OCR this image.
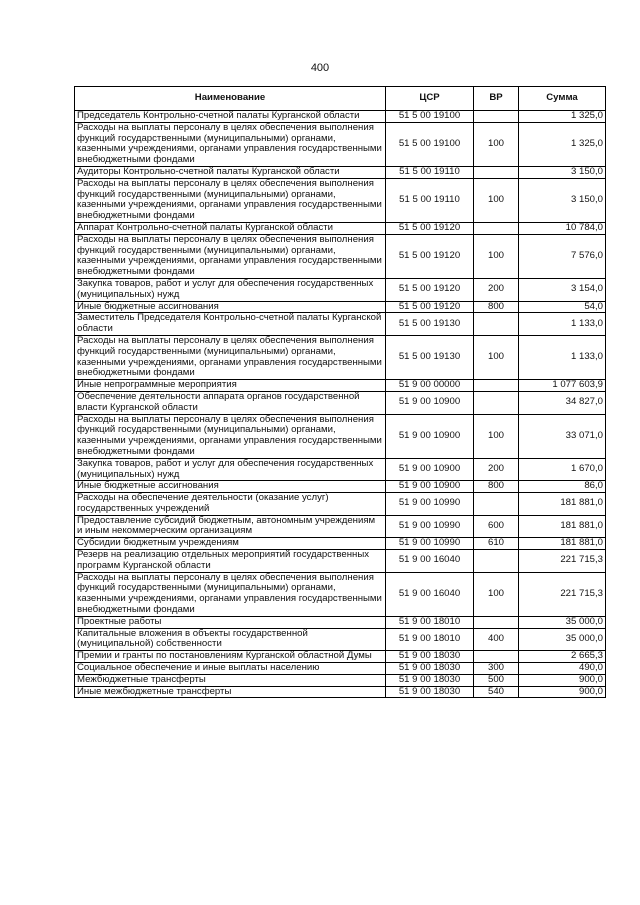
400
Наименование	ЦСР	ВР	Сумма
Председатель Контрольно-счетной палаты Курганской области	51 5 00 19100		1 325,0
Расходы на выплаты персоналу в целях обеспечения выполнения функций государственными (муниципальными) органами, казенными учреждениями, органами управления государственными внебюджетными фондами	51 5 00 19100	100	1 325,0
Аудиторы Контрольно-счетной палаты Курганской области	51 5 00 19110		3 150,0
Расходы на выплаты персоналу в целях обеспечения выполнения функций государственными (муниципальными) органами, казенными учреждениями, органами управления государственными внебюджетными фондами	51 5 00 19110	100	3 150,0
Аппарат Контрольно-счетной палаты Курганской области	51 5 00 19120		10 784,0
Расходы на выплаты персоналу в целях обеспечения выполнения функций государственными (муниципальными) органами, казенными учреждениями, органами управления государственными внебюджетными фондами	51 5 00 19120	100	7 576,0
Закупка товаров, работ и услуг для обеспечения государственных (муниципальных) нужд	51 5 00 19120	200	3 154,0
Иные бюджетные ассигнования	51 5 00 19120	800	54,0
Заместитель Председателя Контрольно-счетной палаты Курганской области	51 5 00 19130		1 133,0
Расходы на выплаты персоналу в целях обеспечения выполнения функций государственными (муниципальными) органами, казенными учреждениями, органами управления государственными внебюджетными фондами	51 5 00 19130	100	1 133,0
Иные непрограммные мероприятия	51 9 00 00000		1 077 603,9
Обеспечение деятельности аппарата органов государственной власти Курганской области	51 9 00 10900		34 827,0
Расходы на выплаты персоналу в целях обеспечения выполнения функций государственными (муниципальными) органами, казенными учреждениями, органами управления государственными внебюджетными фондами	51 9 00 10900	100	33 071,0
Закупка товаров, работ и услуг для обеспечения государственных (муниципальных) нужд	51 9 00 10900	200	1 670,0
Иные бюджетные ассигнования	51 9 00 10900	800	86,0
Расходы на обеспечение деятельности (оказание услуг) государственных учреждений	51 9 00 10990		181 881,0
Предоставление субсидий бюджетным, автономным учреждениям и иным некоммерческим организациям	51 9 00 10990	600	181 881,0
Субсидии бюджетным учреждениям	51 9 00 10990	610	181 881,0
Резерв на реализацию отдельных мероприятий государственных программ Курганской области	51 9 00 16040		221 715,3
Расходы на выплаты персоналу в целях обеспечения выполнения функций государственными (муниципальными) органами, казенными учреждениями, органами управления государственными внебюджетными фондами	51 9 00 16040	100	221 715,3
Проектные работы	51 9 00 18010		35 000,0
Капитальные вложения в объекты государственной (муниципальной) собственности	51 9 00 18010	400	35 000,0
Премии и гранты по постановлениям Курганской областной Думы	51 9 00 18030		2 665,3
Социальное обеспечение и иные выплаты населению	51 9 00 18030	300	490,0
Межбюджетные трансферты	51 9 00 18030	500	900,0
Иные межбюджетные трансферты	51 9 00 18030	540	900,0
